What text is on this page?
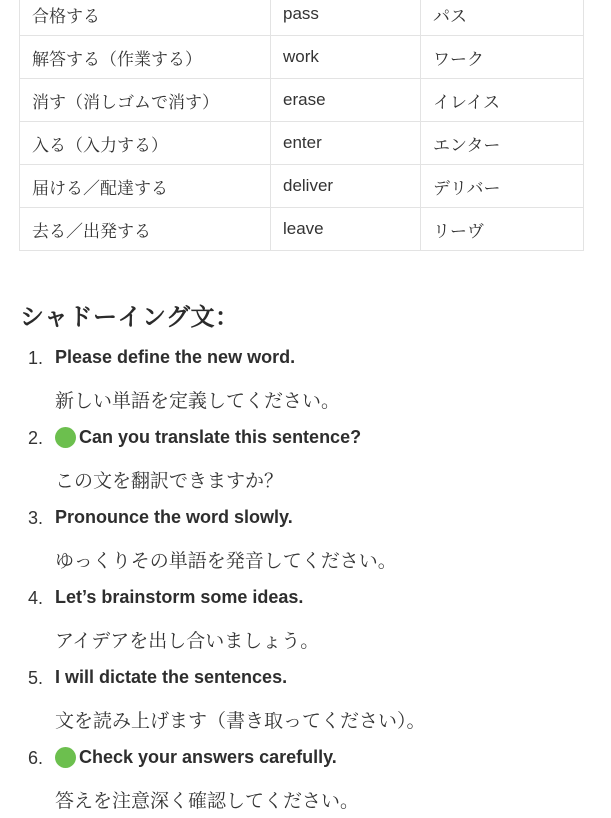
合格する	pass	パス
解答する（作業する）	work	ワーク
消す（消しゴムで消す）	erase	イレイス
入る（入力する）	enter	エンター
届ける／配達する	deliver	デリバー
去る／出発する	leave	リーヴ
シャドーイング文：
1. Please define the new word.
新しい単語を定義してください。
2. Can you translate this sentence?
この文を翻訳できますか？
3. Pronounce the word slowly.
ゆっくりその単語を発音してください。
4. Let’s brainstorm some ideas.
アイデアを出し合いましょう。
5. I will dictate the sentences.
文を読み上げます（書き取ってください）。
6. Check your answers carefully.
答えを注意深く確認してください。
